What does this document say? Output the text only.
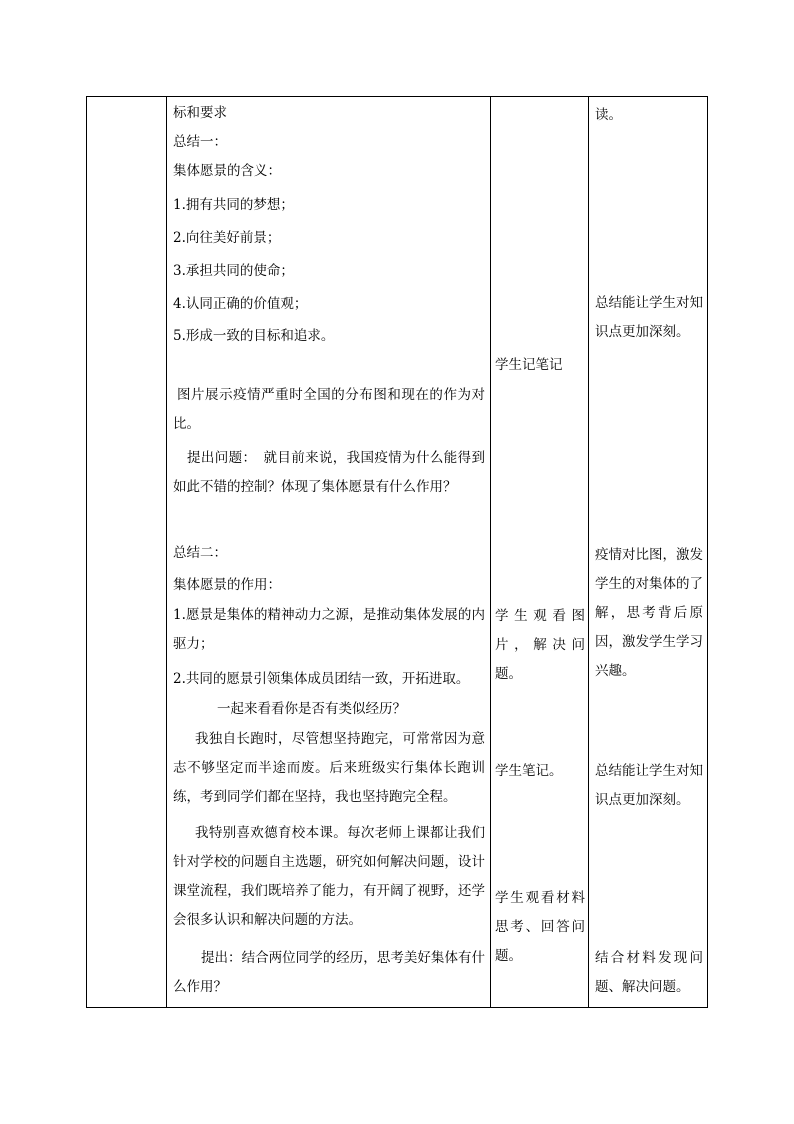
标和要求
总结一：
集体愿景的含义：
1.拥有共同的梦想；
2.向往美好前景；
3.承担共同的使命；
4.认同正确的价值观；
5.形成一致的目标和追求。

图片展示疫情严重时全国的分布图和现在的作为对比。

提出问题：　就目前来说，我国疫情为什么能得到如此不错的控制？体现了集体愿景有什么作用？

总结二：
集体愿景的作用：

1.愿景是集体的精神动力之源，是推动集体发展的内驱力；

2.共同的愿景引领集体成员团结一致，开拓进取。
一起来看看你是否有类似经历？

我独自长跑时，尽管想坚持跑完，可常常因为意志不够坚定而半途而废。后来班级实行集体长跑训练，考到同学们都在坚持，我也坚持跑完全程。

我特别喜欢德育校本课。每次老师上课都让我们针对学校的问题自主选题，研究如何解决问题，设计课堂流程，我们既培养了能力，有开阔了视野，还学会很多认识和解决问题的方法。

提出：结合两位同学的经历，思考美好集体有什么作用？

学生记笔记

学生观看图片，解决问题。

学生笔记。

学生观看材料思考、回答问题。

读。

总结能让学生对知识点更加深刻。

疫情对比图，激发学生的对集体的了解，思考背后原因，激发学生学习兴趣。

总结能让学生对知识点更加深刻。

结合材料发现问题、解决问题。
